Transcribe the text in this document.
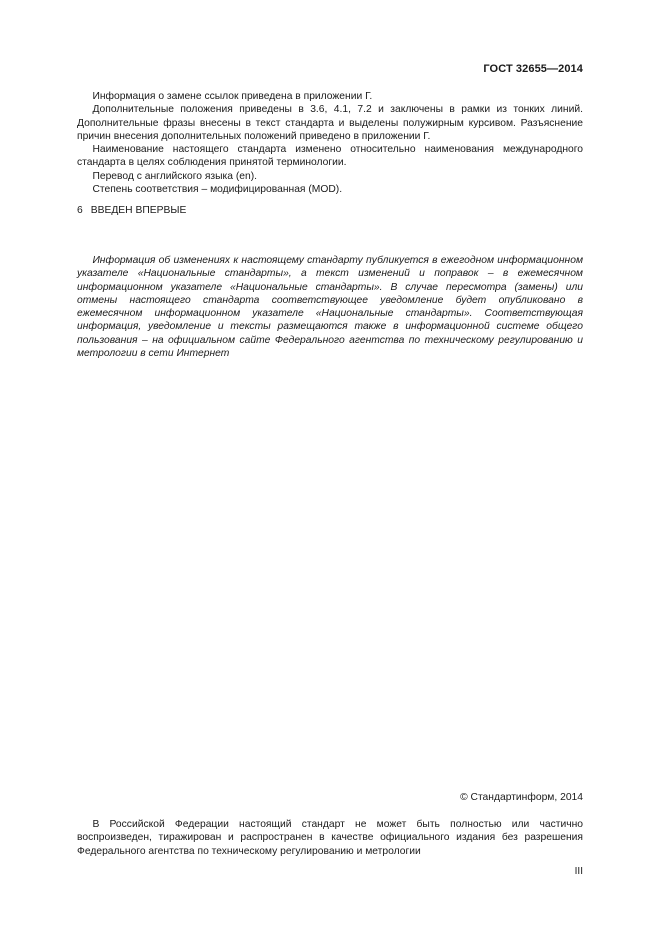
ГОСТ 32655—2014

Информация о замене ссылок приведена в приложении Г.

Дополнительные положения приведены в 3.6, 4.1, 7.2 и заключены в рамки из тонких линий. Дополнительные фразы внесены в текст стандарта и выделены полужирным курсивом. Разъяснение причин внесения дополнительных положений приведено в приложении Г.

Наименование настоящего стандарта изменено относительно наименования международного стандарта в целях соблюдения принятой терминологии.

Перевод с английского языка (en).

Степень соответствия – модифицированная (MOD).

6 ВВЕДЕН ВПЕРВЫЕ

Информация об изменениях к настоящему стандарту публикуется в ежегодном информационном указателе «Национальные стандарты», а текст изменений и поправок – в ежемесячном информационном указателе «Национальные стандарты». В случае пересмотра (замены) или отмены настоящего стандарта соответствующее уведомление будет опубликовано в ежемесячном информационном указателе «Национальные стандарты». Соответствующая информация, уведомление и тексты размещаются также в информационной системе общего пользования – на официальном сайте Федерального агентства по техническому регулированию и метрологии в сети Интернет

© Стандартинформ, 2014

В Российской Федерации настоящий стандарт не может быть полностью или частично воспроизведен, тиражирован и распространен в качестве официального издания без разрешения Федерального агентства по техническому регулированию и метрологии

III
